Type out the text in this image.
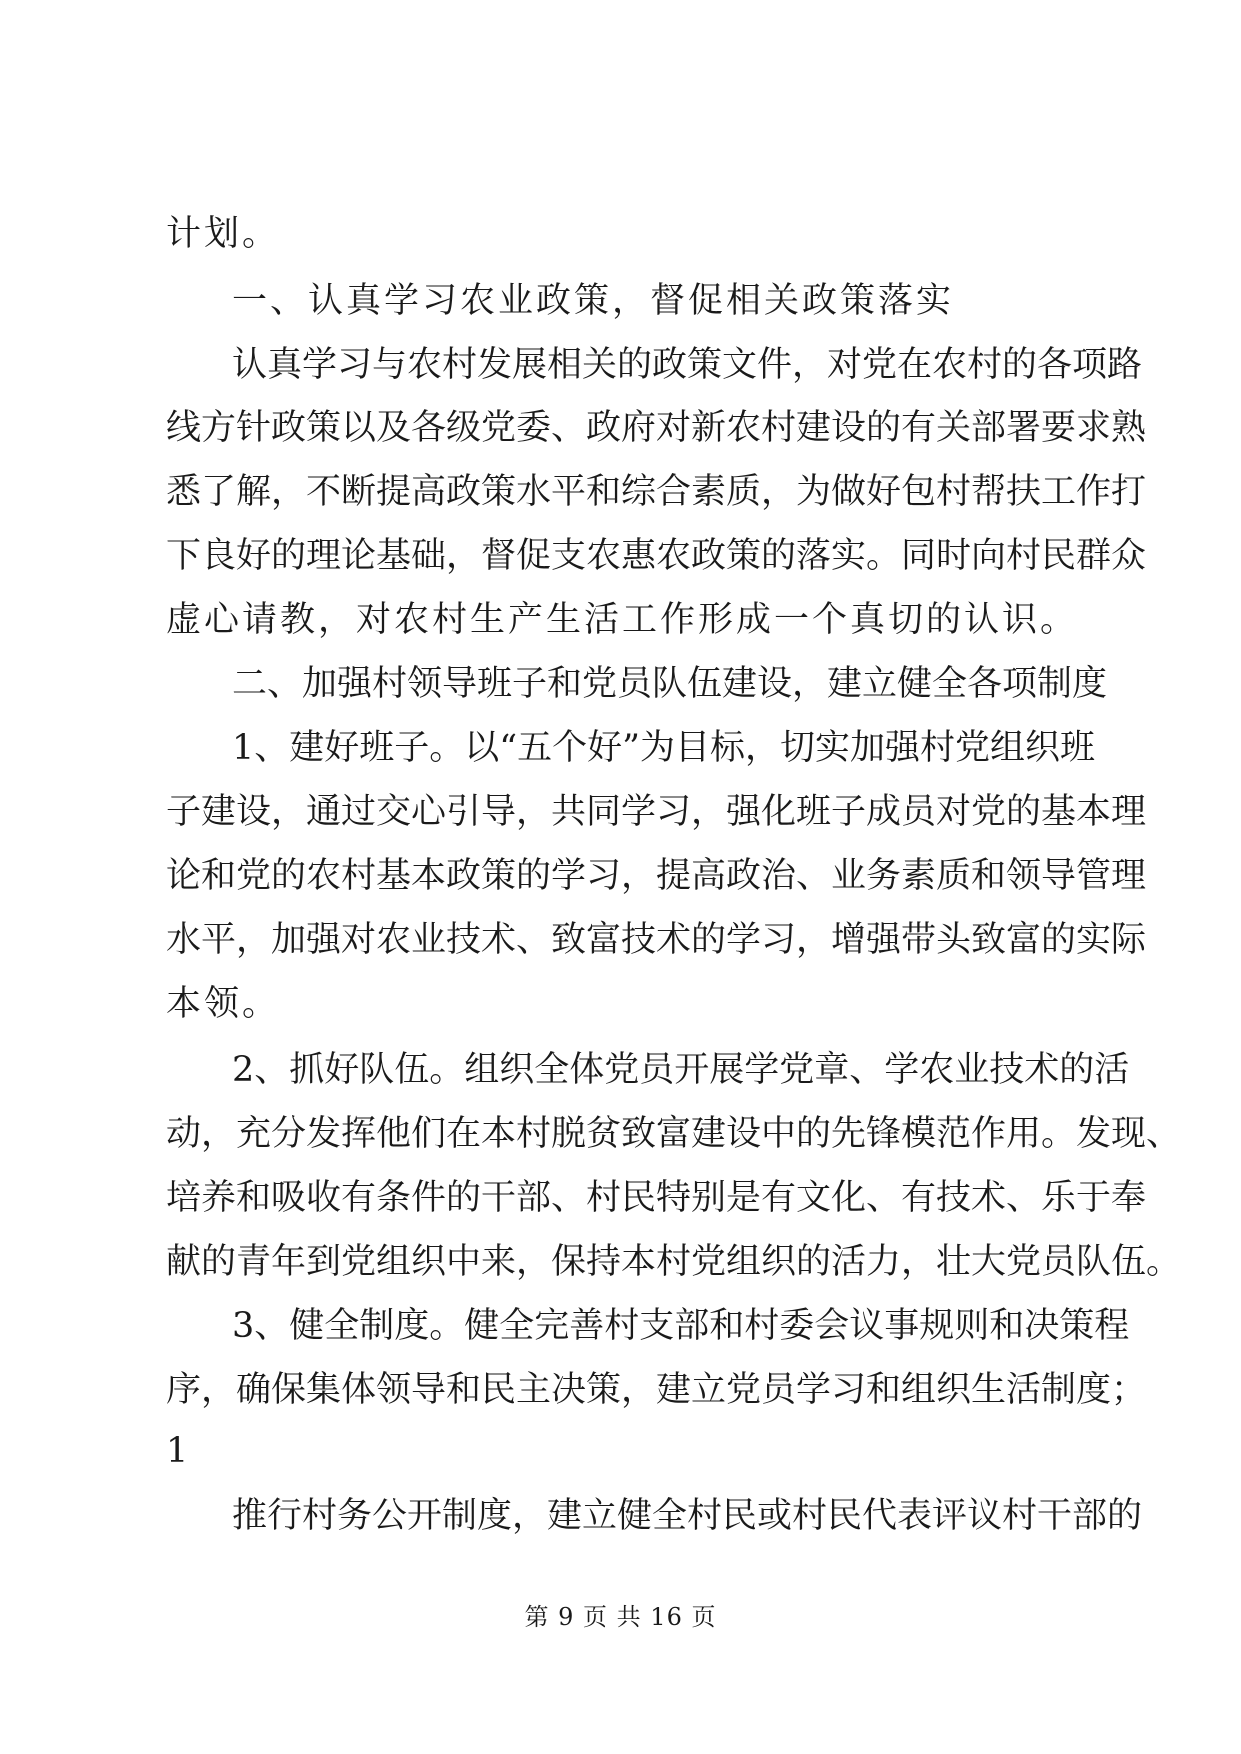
计划。
一、认真学习农业政策，督促相关政策落实
认真学习与农村发展相关的政策文件，对党在农村的各项路
线方针政策以及各级党委、政府对新农村建设的有关部署要求熟
悉了解，不断提高政策水平和综合素质，为做好包村帮扶工作打
下良好的理论基础，督促支农惠农政策的落实。同时向村民群众
虚心请教，对农村生产生活工作形成一个真切的认识。
二、加强村领导班子和党员队伍建设，建立健全各项制度
1、建好班子。以“五个好”为目标，切实加强村党组织班
子建设，通过交心引导，共同学习，强化班子成员对党的基本理
论和党的农村基本政策的学习，提高政治、业务素质和领导管理
水平，加强对农业技术、致富技术的学习，增强带头致富的实际
本领。
2、抓好队伍。组织全体党员开展学党章、学农业技术的活
动，充分发挥他们在本村脱贫致富建设中的先锋模范作用。发现、
培养和吸收有条件的干部、村民特别是有文化、有技术、乐于奉
献的青年到党组织中来，保持本村党组织的活力，壮大党员队伍。
3、健全制度。健全完善村支部和村委会议事规则和决策程
序，确保集体领导和民主决策，建立党员学习和组织生活制度；
1
推行村务公开制度，建立健全村民或村民代表评议村干部的
第 9 页 共 16 页
